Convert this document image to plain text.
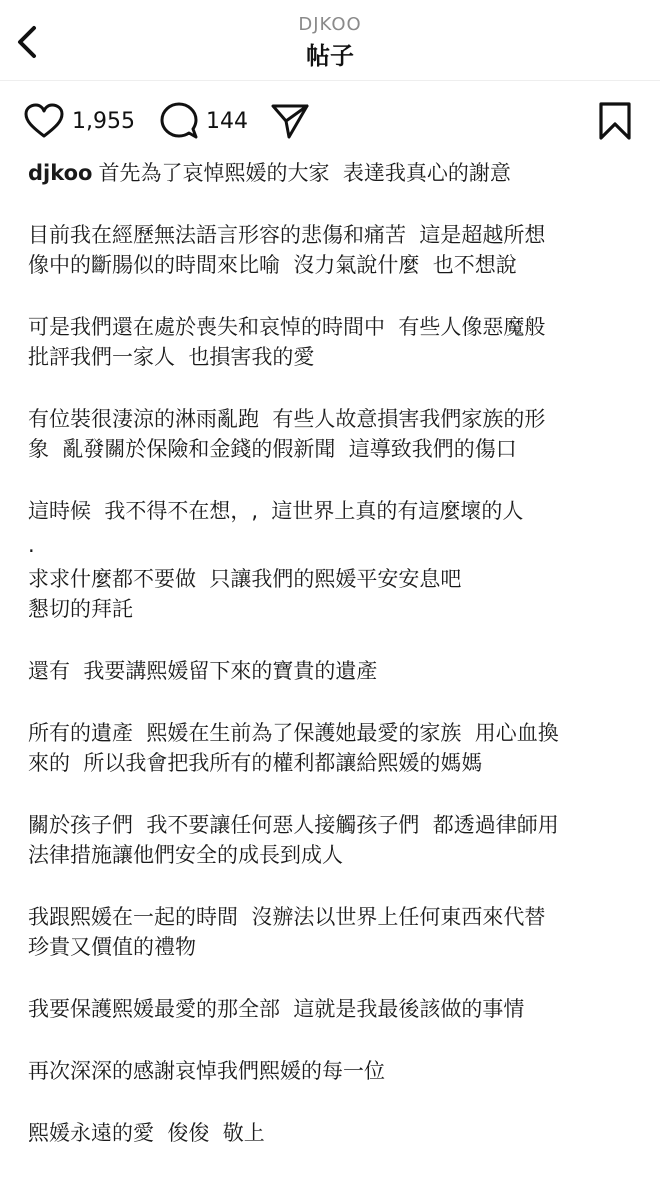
DJKOO
帖子
1,955	144

djkoo 首先為了哀悼熙媛的大家  表達我真心的謝意

目前我在經歷無法語言形容的悲傷和痛苦  這是超越所想
像中的斷腸似的時間來比喻  沒力氣說什麼  也不想說

可是我們還在處於喪失和哀悼的時間中  有些人像惡魔般
批評我們一家人  也損害我的愛

有位裝很淒涼的淋雨亂跑  有些人故意損害我們家族的形
象  亂發關於保險和金錢的假新聞  這導致我們的傷口

這時候  我不得不在想，,  這世界上真的有這麼壞的人

.

求求什麼都不要做  只讓我們的熙媛平安安息吧
懇切的拜託

還有  我要講熙媛留下來的寶貴的遺產

所有的遺產  熙媛在生前為了保護她最愛的家族  用心血換
來的  所以我會把我所有的權利都讓給熙媛的媽媽

關於孩子們  我不要讓任何惡人接觸孩子們  都透過律師用
法律措施讓他們安全的成長到成人

我跟熙媛在一起的時間  沒辦法以世界上任何東西來代替
珍貴又價值的禮物

我要保護熙媛最愛的那全部  這就是我最後該做的事情

再次深深的感謝哀悼我們熙媛的每一位

熙媛永遠的愛  俊俊  敬上
